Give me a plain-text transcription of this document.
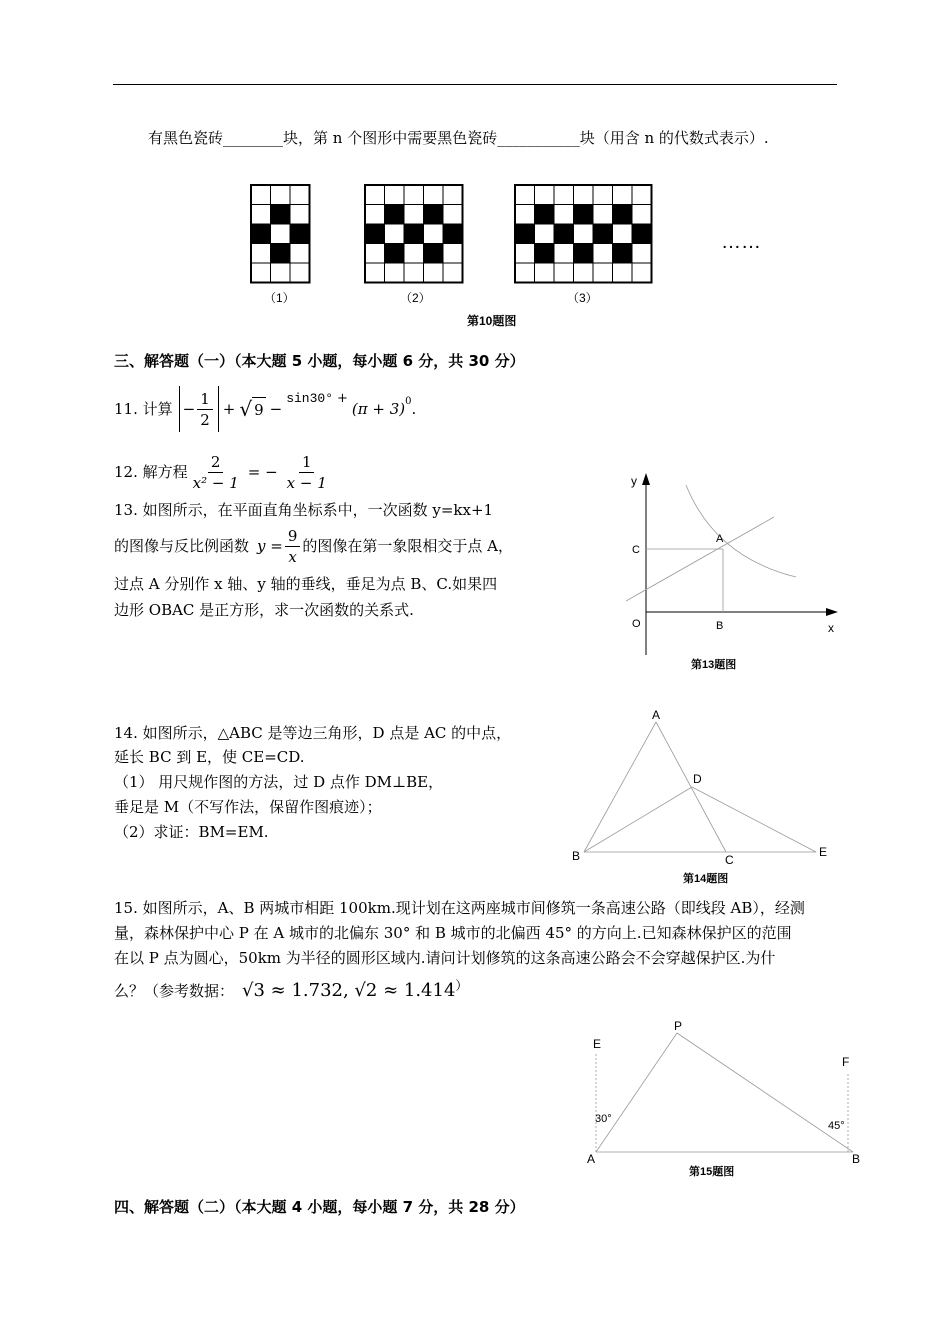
有黑色瓷砖________块，第 n 个图形中需要黑色瓷砖___________块（用含 n 的代数式表示）.
……
（1）	（2）	（3）
第10题图
三、解答题（一）（本大题 5 小题，每小题 6 分，共 30 分）
11. 计算 − $\frac{1}{2}$ + √ 9 −
sin30° +
$(\pi + 3)^0$ .
12. 解方程 $\frac{2}{\text{x² − 1}}$ = − $\frac{1}{x - 1}$
13. 如图所示，在平面直角坐标系中，一次函数 y=kx+1
的图像与反比例函数 $y = \frac{9}{x}$ 的图像在第一象限相交于点 A，
过点 A 分别作 x 轴、y 轴的垂线，垂足为点 B、C.如果四
边形 OBAC 是正方形，求一次函数的关系式.
y
x
O	B
C
A
第13题图
14. 如图所示，△ABC 是等边三角形，D 点是 AC 的中点，
延长 BC 到 E，使 CE=CD.
（1） 用尺规作图的方法，过 D 点作 DM⊥BE，
垂足是 M（不写作法，保留作图痕迹）；
（2）求证：BM=EM.
A
B	C
D
E
第14题图
15. 如图所示，A、B 两城市相距 100km.现计划在这两座城市间修筑一条高速公路（即线段 AB），经测
量，森林保护中心 P 在 A 城市的北偏东 30° 和 B 城市的北偏西 45° 的方向上.已知森林保护区的范围
在以 P 点为圆心，50km 为半径的圆形区域内.请问计划修筑的这条高速公路会不会穿越保护区.为什
么？（参考数据： √3 ≈ 1.732, √2 ≈ 1.414）
P
E
F
30°
45°
A	B
第15题图
四、解答题（二）（本大题 4 小题，每小题 7 分，共 28 分）
